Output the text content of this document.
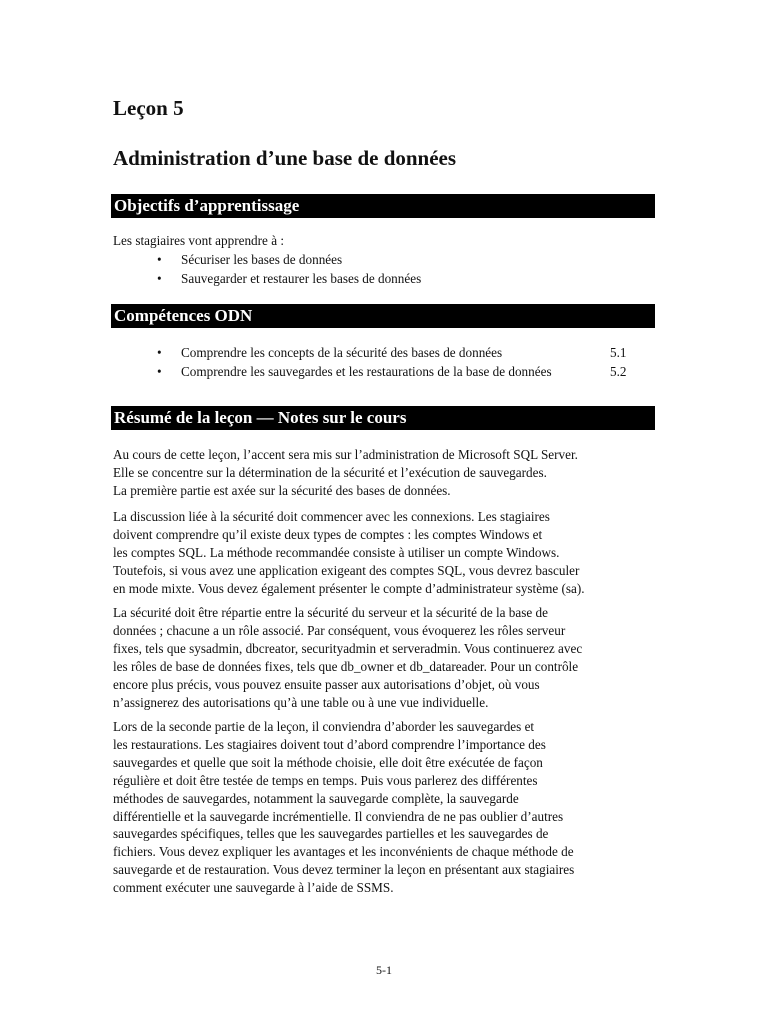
Leçon 5
Administration d’une base de données
Objectifs d’apprentissage

Les stagiaires vont apprendre à :

• Sécuriser les bases de données
• Sauvegarder et restaurer les bases de données
Compétences ODN
• Comprendre les concepts de la sécurité des bases de données	5.1
• Comprendre les sauvegardes et les restaurations de la base de données	5.2
Résumé de la leçon — Notes sur le cours

Au cours de cette leçon, l’accent sera mis sur l’administration de Microsoft SQL Server.
Elle se concentre sur la détermination de la sécurité et l’exécution de sauvegardes.
La première partie est axée sur la sécurité des bases de données.

La discussion liée à la sécurité doit commencer avec les connexions. Les stagiaires
doivent comprendre qu’il existe deux types de comptes : les comptes Windows et
les comptes SQL. La méthode recommandée consiste à utiliser un compte Windows.
Toutefois, si vous avez une application exigeant des comptes SQL, vous devrez basculer
en mode mixte. Vous devez également présenter le compte d’administrateur système (sa).

La sécurité doit être répartie entre la sécurité du serveur et la sécurité de la base de
données ; chacune a un rôle associé. Par conséquent, vous évoquerez les rôles serveur
fixes, tels que sysadmin, dbcreator, securityadmin et serveradmin. Vous continuerez avec
les rôles de base de données fixes, tels que db_owner et db_datareader. Pour un contrôle
encore plus précis, vous pouvez ensuite passer aux autorisations d’objet, où vous
n’assignerez des autorisations qu’à une table ou à une vue individuelle.

Lors de la seconde partie de la leçon, il conviendra d’aborder les sauvegardes et
les restaurations. Les stagiaires doivent tout d’abord comprendre l’importance des
sauvegardes et quelle que soit la méthode choisie, elle doit être exécutée de façon
régulière et doit être testée de temps en temps. Puis vous parlerez des différentes
méthodes de sauvegardes, notamment la sauvegarde complète, la sauvegarde
différentielle et la sauvegarde incrémentielle. Il conviendra de ne pas oublier d’autres
sauvegardes spécifiques, telles que les sauvegardes partielles et les sauvegardes de
fichiers. Vous devez expliquer les avantages et les inconvénients de chaque méthode de
sauvegarde et de restauration. Vous devez terminer la leçon en présentant aux stagiaires
comment exécuter une sauvegarde à l’aide de SSMS.

5-1
